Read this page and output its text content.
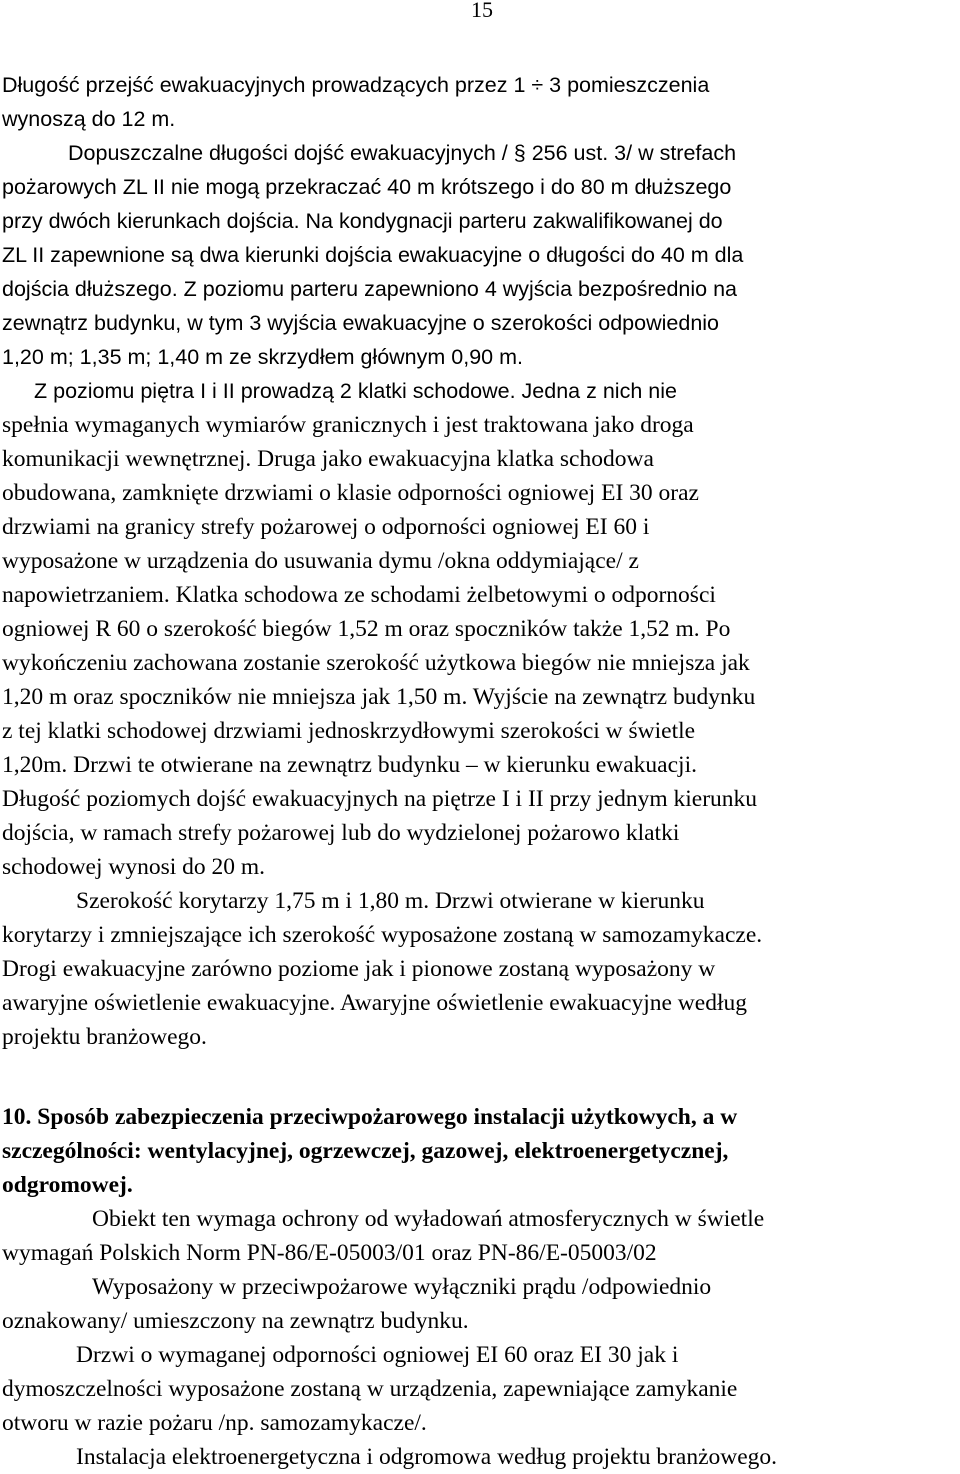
15
Długość przejść ewakuacyjnych prowadzących przez 1 ÷ 3 pomieszczenia
wynoszą do 12 m.
Dopuszczalne długości dojść ewakuacyjnych / § 256 ust. 3/ w strefach
pożarowych ZL II nie mogą przekraczać 40 m krótszego i do 80 m dłuższego
przy dwóch kierunkach dojścia. Na kondygnacji parteru zakwalifikowanej do
ZL II zapewnione są dwa kierunki dojścia ewakuacyjne o długości do 40 m dla
dojścia dłuższego. Z poziomu parteru zapewniono 4 wyjścia bezpośrednio na
zewnątrz budynku, w tym 3 wyjścia ewakuacyjne o szerokości odpowiednio
1,20 m; 1,35 m; 1,40 m ze skrzydłem głównym 0,90 m.
Z poziomu piętra I i II prowadzą 2 klatki schodowe. Jedna z nich nie
spełnia wymaganych wymiarów granicznych i jest traktowana jako droga
komunikacji wewnętrznej. Druga jako ewakuacyjna klatka schodowa
obudowana, zamknięte drzwiami o klasie odporności ogniowej EI 30 oraz
drzwiami na granicy strefy pożarowej o odporności ogniowej EI 60 i
wyposażone w urządzenia do usuwania dymu /okna oddymiające/ z
napowietrzaniem. Klatka schodowa ze schodami żelbetowymi o odporności
ogniowej R 60 o szerokość biegów 1,52 m oraz spoczników także 1,52 m. Po
wykończeniu zachowana zostanie szerokość użytkowa biegów nie mniejsza jak
1,20 m oraz spoczników nie mniejsza jak 1,50 m. Wyjście na zewnątrz budynku
z tej klatki schodowej drzwiami jednoskrzydłowymi szerokości w świetle
1,20m. Drzwi te otwierane na zewnątrz budynku – w kierunku ewakuacji.
Długość poziomych dojść ewakuacyjnych na piętrze I i II przy jednym kierunku
dojścia, w ramach strefy pożarowej lub do wydzielonej pożarowo klatki
schodowej wynosi do 20 m.
Szerokość korytarzy 1,75 m i 1,80 m. Drzwi otwierane w kierunku
korytarzy i zmniejszające ich szerokość wyposażone zostaną w samozamykacze.
Drogi ewakuacyjne zarówno poziome jak i pionowe zostaną wyposażony w
awaryjne oświetlenie ewakuacyjne. Awaryjne oświetlenie ewakuacyjne według
projektu branżowego.
10. Sposób zabezpieczenia przeciwpożarowego instalacji użytkowych, a w
szczególności: wentylacyjnej, ogrzewczej, gazowej, elektroenergetycznej,
odgromowej.
Obiekt ten wymaga ochrony od wyładowań atmosferycznych w świetle
wymagań Polskich Norm PN-86/E-05003/01 oraz PN-86/E-05003/02
Wyposażony w przeciwpożarowe wyłączniki prądu /odpowiednio
oznakowany/ umieszczony na zewnątrz budynku.
Drzwi o wymaganej odporności ogniowej EI 60 oraz EI 30 jak i
dymoszczelności wyposażone zostaną w urządzenia, zapewniające zamykanie
otworu w razie pożaru /np. samozamykacze/.
Instalacja elektroenergetyczna i odgromowa według projektu branżowego.
